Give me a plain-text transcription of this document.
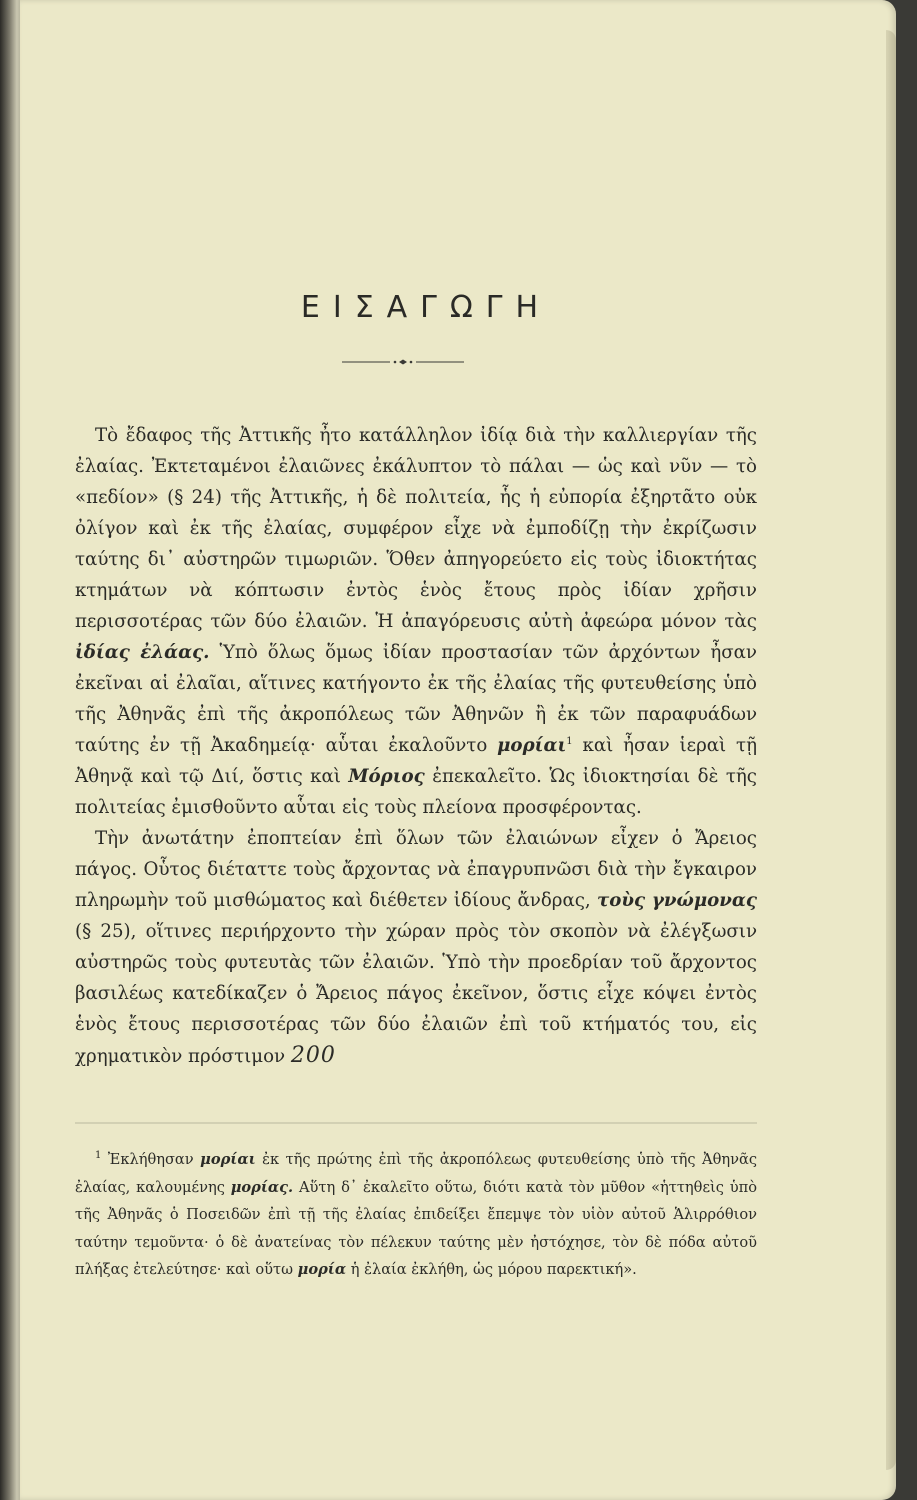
ΕΙΣΑΓΩΓΗ

Τὸ ἔδαφος τῆς Ἀττικῆς ἦτο κατάλληλον ἰδίᾳ διὰ τὴν καλλιεργίαν τῆς ἐλαίας. Ἐκτεταμένοι ἐλαιῶνες ἐκάλυπτον τὸ πάλαι — ὡς καὶ νῦν — τὸ «πεδίον» (§ 24) τῆς Ἀττικῆς, ἡ δὲ πολιτεία, ἧς ἡ εὐπορία ἐξηρτᾶτο οὐκ ὀλίγον καὶ ἐκ τῆς ἐλαίας, συμφέρον εἶχε νὰ ἐμποδίζῃ τὴν ἐκρίζωσιν ταύτης δι᾽ αὐστηρῶν τιμωριῶν. Ὅθεν ἀπηγορεύετο εἰς τοὺς ἰδιοκτήτας κτημάτων νὰ κόπτωσιν ἐντὸς ἑνὸς ἔτους πρὸς ἰδίαν χρῆσιν περισσοτέρας τῶν δύο ἐλαιῶν. Ἡ ἀπαγόρευσις αὐτὴ ἀφεώρα μόνον τὰς ἰδίας ἐλάας. Ὑπὸ ὅλως ὅμως ἰδίαν προστασίαν τῶν ἀρχόντων ἦσαν ἐκεῖναι αἱ ἐλαῖαι, αἵτινες κατήγοντο ἐκ τῆς ἐλαίας τῆς φυτευθείσης ὑπὸ τῆς Ἀθηνᾶς ἐπὶ τῆς ἀκροπόλεως τῶν Ἀθηνῶν ἢ ἐκ τῶν παραφυάδων ταύτης ἐν τῇ Ἀκαδημείᾳ· αὗται ἐκαλοῦντο μορίαι$^1$ καὶ ἦσαν ἱεραὶ τῇ Ἀθηνᾷ καὶ τῷ Διί, ὅστις καὶ Μόριος ἐπεκαλεῖτο. Ὡς ἰδιοκτησίαι δὲ τῆς πολιτείας ἐμισθοῦντο αὗται εἰς τοὺς πλείονα προσφέροντας.

Τὴν ἀνωτάτην ἐποπτείαν ἐπὶ ὅλων τῶν ἐλαιώνων εἶχεν ὁ Ἄρειος πάγος. Οὗτος διέταττε τοὺς ἄρχοντας νὰ ἐπαγρυπνῶσι διὰ τὴν ἔγκαιρον πληρωμὴν τοῦ μισθώματος καὶ διέθετεν ἰδίους ἄνδρας, τοὺς γνώμονας (§ 25), οἵτινες περιήρχοντο τὴν χώραν πρὸς τὸν σκοπὸν νὰ ἐλέγξωσιν αὐστηρῶς τοὺς φυτευτὰς τῶν ἐλαιῶν. Ὑπὸ τὴν προεδρίαν τοῦ ἄρχοντος βασιλέως κατεδίκαζεν ὁ Ἄρειος πάγος ἐκεῖνον, ὅστις εἶχε κόψει ἐντὸς ἑνὸς ἔτους περισσοτέρας τῶν δύο ἐλαιῶν ἐπὶ τοῦ κτήματός του, εἰς χρηματικὸν πρόστιμον 200

$^1$ Ἐκλήθησαν μορίαι ἐκ τῆς πρώτης ἐπὶ τῆς ἀκροπόλεως φυτευθείσης ὑπὸ τῆς Ἀθηνᾶς ἐλαίας, καλουμένης μορίας. Αὕτη δ᾽ ἐκαλεῖτο οὕτω, διότι κατὰ τὸν μῦθον «ἡττηθεὶς ὑπὸ τῆς Ἀθηνᾶς ὁ Ποσειδῶν ἐπὶ τῇ τῆς ἐλαίας ἐπιδείξει ἔπεμψε τὸν υἱὸν αὐτοῦ Ἁλιρρόθιον ταύτην τεμοῦντα· ὁ δὲ ἀνατείνας τὸν πέλεκυν ταύτης μὲν ἠστόχησε, τὸν δὲ πόδα αὐτοῦ πλήξας ἐτελεύτησε· καὶ οὕτω μορία ἡ ἐλαία ἐκλήθη, ὡς μόρου παρεκτική».
